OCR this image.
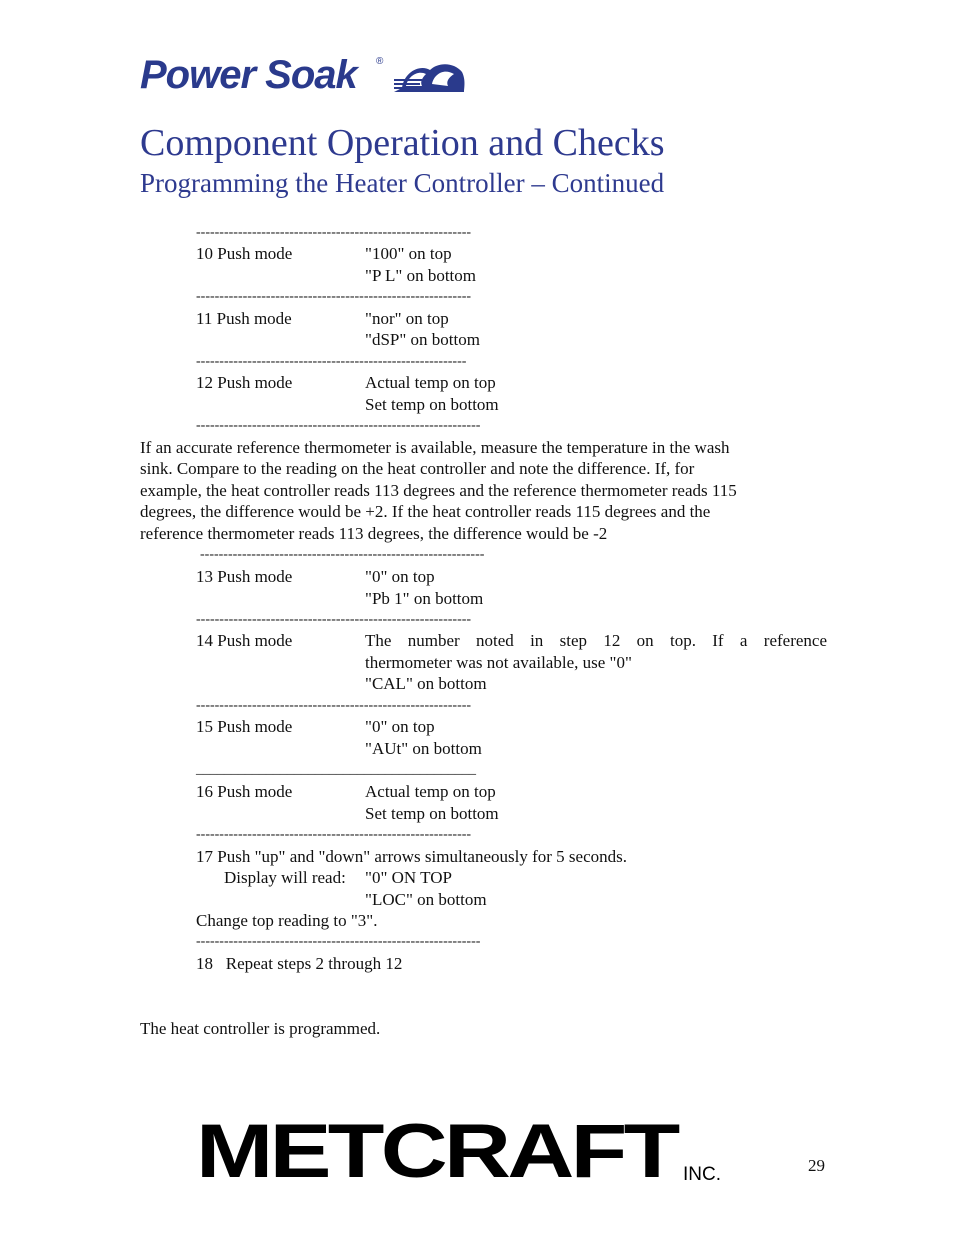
Power Soak ®
Component Operation and Checks
Programming the Heater Controller – Continued
-----------------------------------------------------------
10 Push mode	"100" on top
"P L" on bottom
-----------------------------------------------------------
11 Push mode	"nor" on top
"dSP" on bottom
----------------------------------------------------------
12 Push mode	Actual temp on top
Set temp on bottom
-------------------------------------------------------------
If an accurate reference thermometer is available, measure the temperature in the wash
sink. Compare to the reading on the heat controller and note the difference. If, for
example, the heat controller reads 113 degrees and the reference thermometer reads 115
degrees, the difference would be +2. If the heat controller reads 115 degrees and the
reference thermometer reads 113 degrees, the difference would be -2
-------------------------------------------------------------
13 Push mode	"0" on top
"Pb 1" on bottom
-----------------------------------------------------------
14 Push mode	The number noted in step 12 on top. If a reference
thermometer was not available, use "0"
"CAL" on bottom
-----------------------------------------------------------
15 Push mode	"0" on top
"AUt" on bottom
________________________________________
16 Push mode	Actual temp on top
Set temp on bottom
-----------------------------------------------------------
17 Push "up" and "down" arrows simultaneously for 5 seconds.
Display will read: "0" ON TOP
"LOC" on bottom
Change top reading to "3".
-------------------------------------------------------------
18   Repeat steps 2 through 12
The heat controller is programmed.
METCRAFT INC.	29
